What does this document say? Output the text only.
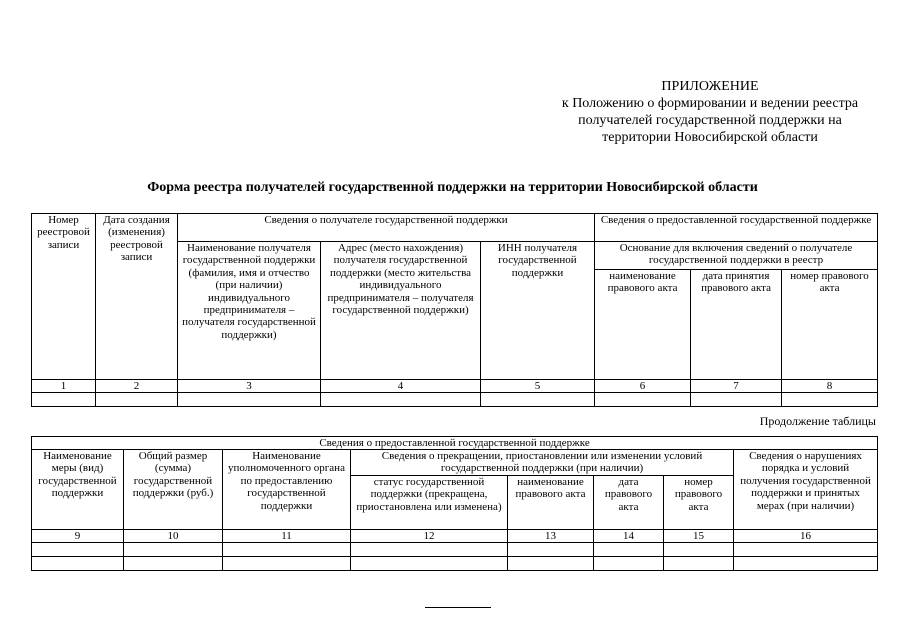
ПРИЛОЖЕНИЕ
к Положению о формировании и ведении реестра
получателей государственной поддержки на
территории Новосибирской области
Форма реестра получателей государственной поддержки на территории Новосибирской области
Номер реестровой записи	Дата создания (изменения) реестровой записи	Сведения о получателе государственной поддержки			Сведения о предоставленной государственной поддержке		
		Наименование получателя государственной поддержки (фамилия, имя и отчество (при наличии) индивидуального предпринимателя – получателя государственной поддержки)	Адрес (место нахождения) получателя государственной поддержки (место жительства индивидуального предпринимателя – получателя государственной поддержки)	ИНН получателя государственной поддержки	Основание для включения сведений о получателе государственной поддержки в реестр		
					наименование правового акта	дата принятия правового акта	номер правового акта
1	2	3	4	5	6	7	8

Продолжение таблицы
Сведения о предоставленной государственной поддержке							
Наименование меры (вид) государственной поддержки	Общий размер (сумма) государственной поддержки (руб.)	Наименование уполномоченного органа по предоставлению государственной поддержки	Сведения о прекращении, приостановлении или изменении условий государственной поддержки (при наличии)				Сведения о нарушениях порядка и условий получения государственной поддержки и принятых мерах (при наличии)
			статус государственной поддержки (прекращена, приостановлена или изменена)	наименование правового акта	дата правового акта	номер правового акта	
9	10	11	12	13	14	15	16
